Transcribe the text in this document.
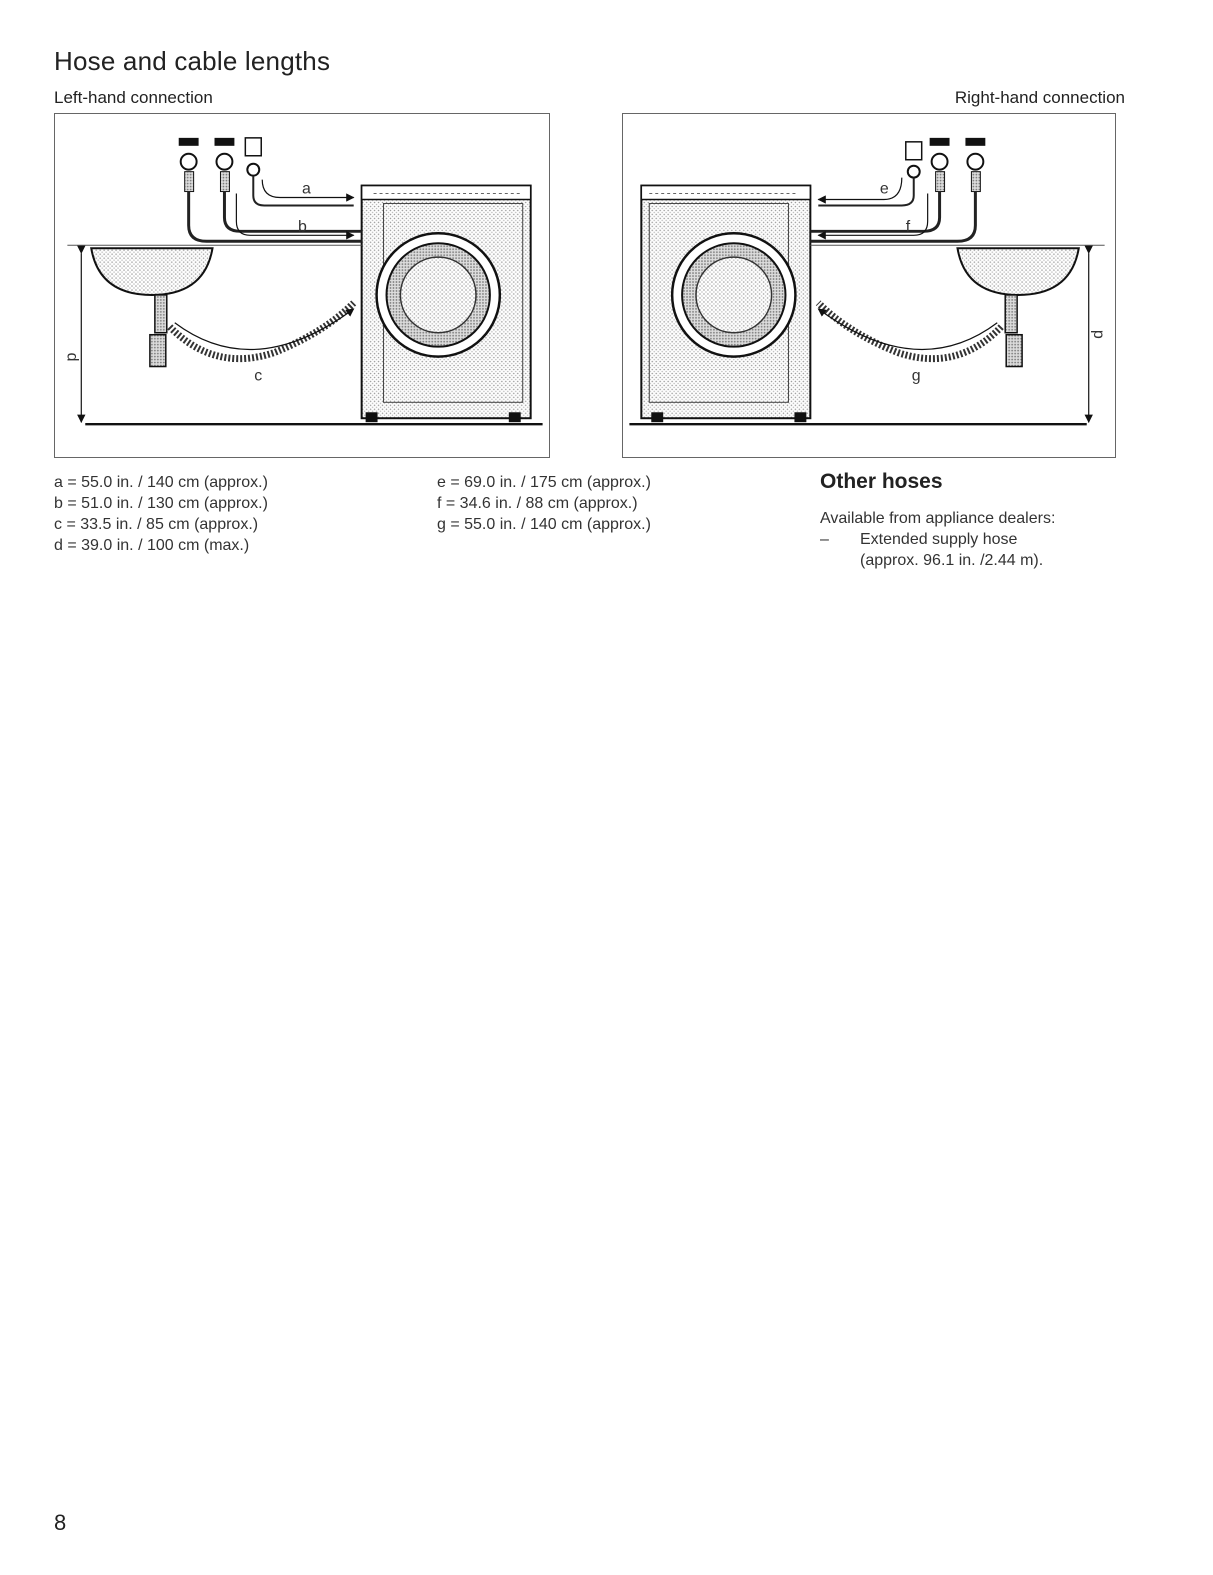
Hose and cable lengths
Left-hand connection	Right-hand connection
a
b
c
d
e
f
g
d
a = 55.0 in. / 140 cm (approx.)
b = 51.0 in. / 130 cm (approx.)
c = 33.5 in. / 85 cm (approx.)
d = 39.0 in. / 100 cm (max.)
e = 69.0 in. / 175 cm (approx.)
f = 34.6 in. / 88 cm (approx.)
g = 55.0 in. / 140 cm (approx.)
Other hoses

Available from appliance dealers:

– Extended supply hose
(approx. 96.1 in. /2.44 m).
8
